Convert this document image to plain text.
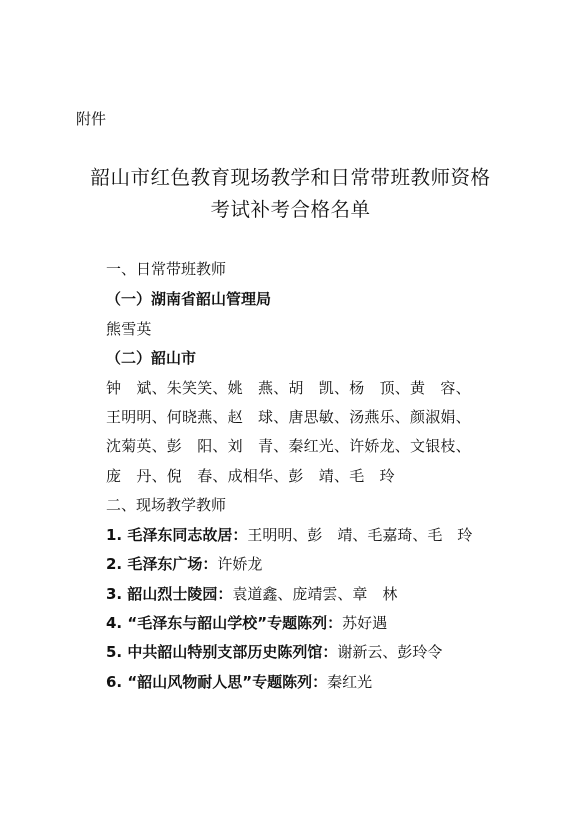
附件
韶山市红色教育现场教学和日常带班教师资格
考试补考合格名单
一、日常带班教师
（一）湖南省韶山管理局
熊雪英
（二）韶山市
钟　斌、朱笑笑、姚　燕、胡　凯、杨　顶、黄　容、
王明明、何晓燕、赵　球、唐思敏、汤燕乐、颜淑娟、
沈菊英、彭　阳、刘　青、秦红光、许娇龙、文银枝、
庞　丹、倪　春、成相华、彭　靖、毛　玲
二、现场教学教师
1. 毛泽东同志故居：王明明、彭　靖、毛嘉琦、毛　玲
2. 毛泽东广场：许娇龙
3. 韶山烈士陵园：袁道鑫、庞靖雲、章　林
4. “毛泽东与韶山学校”专题陈列：苏好遇
5. 中共韶山特别支部历史陈列馆：谢新云、彭玲令
6. “韶山风物耐人思”专题陈列：秦红光
